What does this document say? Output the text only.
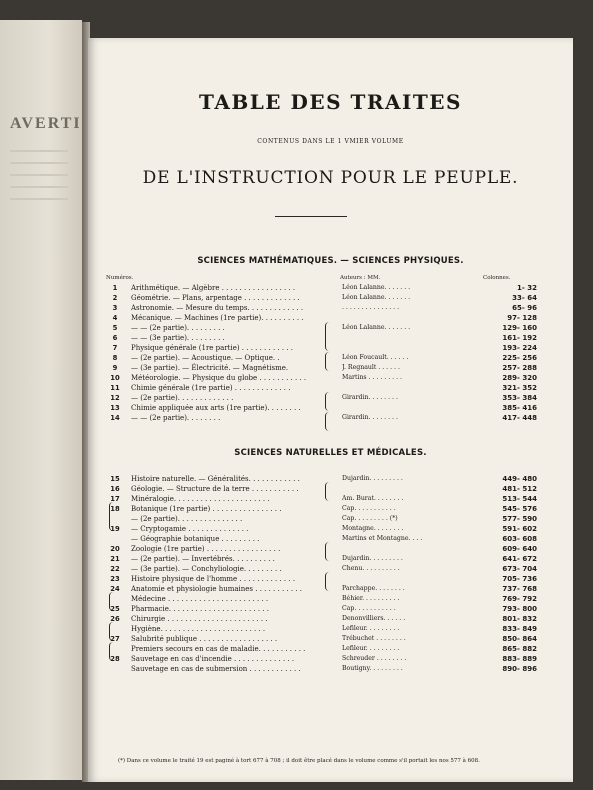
AVERTI
TABLE DES TRAITES
CONTENUS DANS LE 1 VMIER VOLUME
DE L'INSTRUCTION POUR LE PEUPLE.
SCIENCES MATHÉMATIQUES. — SCIENCES PHYSIQUES.
Numéros.	Auteurs : MM.	Colonnes.
1	Arithmétique. — Algèbre . . . . . . . . . . . . . . . . .	Léon Lalanne. . . . . . .	1- 32
2	Géométrie. — Plans, arpentage . . . . . . . . . . . . .	Léon Lalanne. . . . . . .	33- 64
3	Astronomie. — Mesure du temps. . . . . . . . . . . . .	. . . . . . . . . . . . . . .	65- 96
4	Mécanique. — Machines (1re partie). . . . . . . . . .	97- 128
5	— — (2e partie). . . . . . . . .	Léon Lalanne. . . . . . .	129- 160
6	— — (3e partie). . . . . . . . .	161- 192
7	Physique générale (1re partie) . . . . . . . . . . . .	193- 224
8	— (2e partie). — Acoustique. — Optique. .	Léon Foucault. . . . . .	225- 256
9	— (3e partie). — Électricité. — Magnétisme.	J. Regnault . . . . . .	257- 288
10	Météorologie. — Physique du globe . . . . . . . . . . .	Martins . . . . . . . . .	289- 320
11	Chimie générale (1re partie) . . . . . . . . . . . . .	321- 352
12	— (2e partie). . . . . . . . . . . . .	Girardin. . . . . . . .	353- 384
13	Chimie appliquée aux arts (1re partie). . . . . . . .	385- 416
14	— — (2e partie). . . . . . . .	Girardin. . . . . . . .	417- 448
SCIENCES NATURELLES ET MÉDICALES.
15	Histoire naturelle. — Généralités. . . . . . . . . . . .	Dujardin. . . . . . . . .	449- 480
16	Géologie. — Structure de la terre . . . . . . . . . . .	481- 512
17	Minéralogie. . . . . . . . . . . . . . . . . . . . . .	Am. Burat. . . . . . . .	513- 544
18	Botanique (1re partie) . . . . . . . . . . . . . . . .	Cap. . . . . . . . . . .	545- 576
— (2e partie). . . . . . . . . . . . . . .	Cap. . . . . . . . . (*)	577- 590
19	— Cryptogamie . . . . . . . . . . . . . .	Montagne. . . . . . . .	591- 602
— Géographie botanique . . . . . . . . .	Martins et Montagne. . . .	603- 608
20	Zoologie (1re partie) . . . . . . . . . . . . . . . . .	609- 640
21	— (2e partie). — Invertébrés. . . . . . . . . .	Dujardin. . . . . . . . .	641- 672
22	— (3e partie). — Conchyliologie. . . . . . . . .	Chenu. . . . . . . . . .	673- 704
23	Histoire physique de l'homme . . . . . . . . . . . . .	705- 736
24	Anatomie et physiologie humaines . . . . . . . . . . .	Parchappe. . . . . . . .	737- 768
Médecine . . . . . . . . . . . . . . . . . . . . . . .	Béhier. . . . . . . . . .	769- 792
25	Pharmacie. . . . . . . . . . . . . . . . . . . . . . .	Cap. . . . . . . . . . .	793- 800
26	Chirurgie . . . . . . . . . . . . . . . . . . . . . . .	Denonvilliers. . . . . .	801- 832
Hygiène. . . . . . . . . . . . . . . . . . . . . . . .	Lefileur. . . . . . . . .	833- 849
27	Salubrité publique . . . . . . . . . . . . . . . . . .	Trébuchet . . . . . . . .	850- 864
Premiers secours en cas de maladie. . . . . . . . . . .	Lefileur. . . . . . . . .	865- 882
28	Sauvetage en cas d'incendie . . . . . . . . . . . . . .	Schreuder . . . . . . . .	883- 889
Sauvetage en cas de submersion . . . . . . . . . . . .	Boutigny. . . . . . . . .	890- 896
(*) Dans ce volume le traité 19 est paginé à tort 677 à 708 ; il doit être placé dans le volume comme s'il portait les nos 577 à 608.
